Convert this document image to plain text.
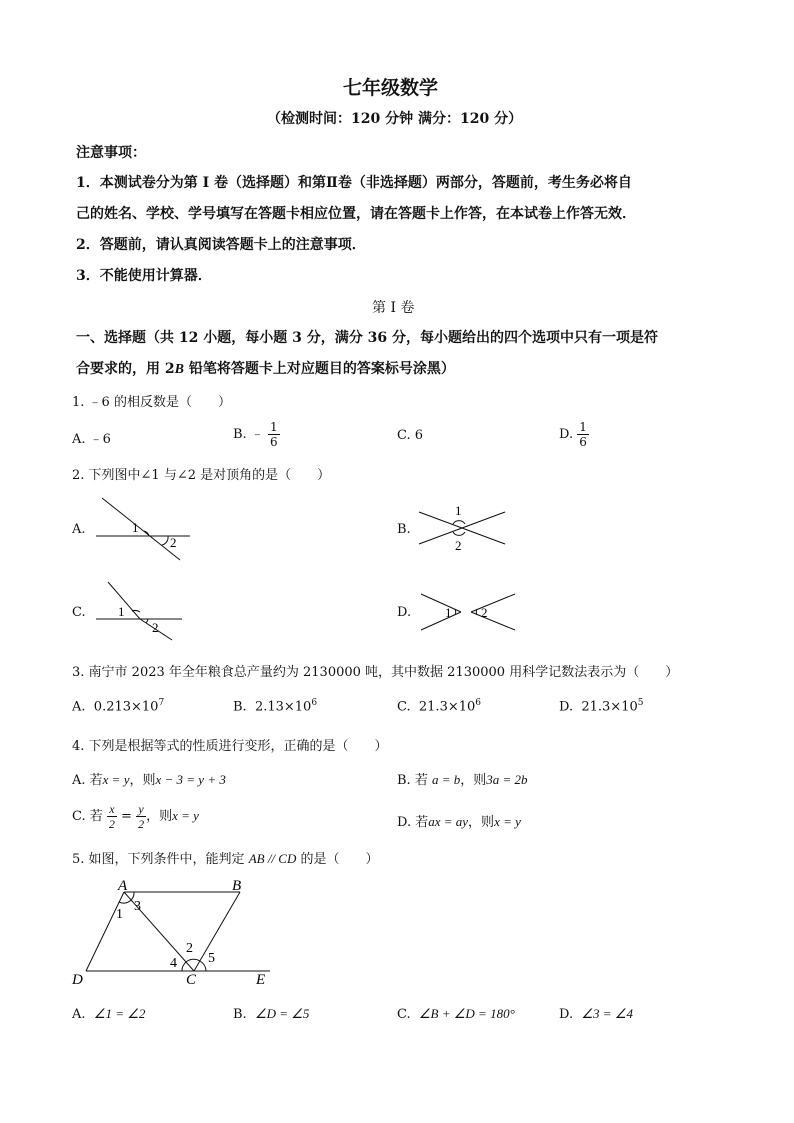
七年级数学
（检测时间：120 分钟 满分：120 分）
注意事项：
1．本测试卷分为第 I 卷（选择题）和第Ⅱ卷（非选择题）两部分，答题前，考生务必将自
己的姓名、学校、学号填写在答题卡相应位置，请在答题卡上作答，在本试卷上作答无效．
2．答题前，请认真阅读答题卡上的注意事项．
3．不能使用计算器．
第 I 卷
一、选择题（共 12 小题，每小题 3 分，满分 36 分，每小题给出的四个选项中只有一项是符
合要求的，用 2B 铅笔将答题卡上对应题目的答案标号涂黑）
1. ﹣6 的相反数是（　　）
A. ﹣6	B. ﹣ $\frac{1}{6}$	C. 6	D. $\frac{1}{6}$
2. 下列图中∠1 与∠2 是对顶角的是（　　）
A.	1
2
B.
1
2
C. 1
2
D.	1 2
3. 南宁市 2023 年全年粮食总产量约为 2130000 吨，其中数据 2130000 用科学记数法表示为（　　）
A. $0.213\times 10^7$	B. $2.13\times 10^6$	C. $21.3\times 10^6$	D. $21.3\times 10^5$
4. 下列是根据等式的性质进行变形，正确的是（　　）
A. 若x = y，则x − 3 = y + 3	B. 若 a = b，则3a = 2b
C. 若 $\frac{x}{2} = \frac{y}{2}$ ，则x = y	D. 若ax = ay，则x = y
5. 如图，下列条件中，能判定 AB // CD 的是（　　）
A	B
D	C	E
1
3
2
4 5
A. ∠1 = ∠2	B. ∠D = ∠5	C. ∠B + ∠D = 180°	D. ∠3 = ∠4
